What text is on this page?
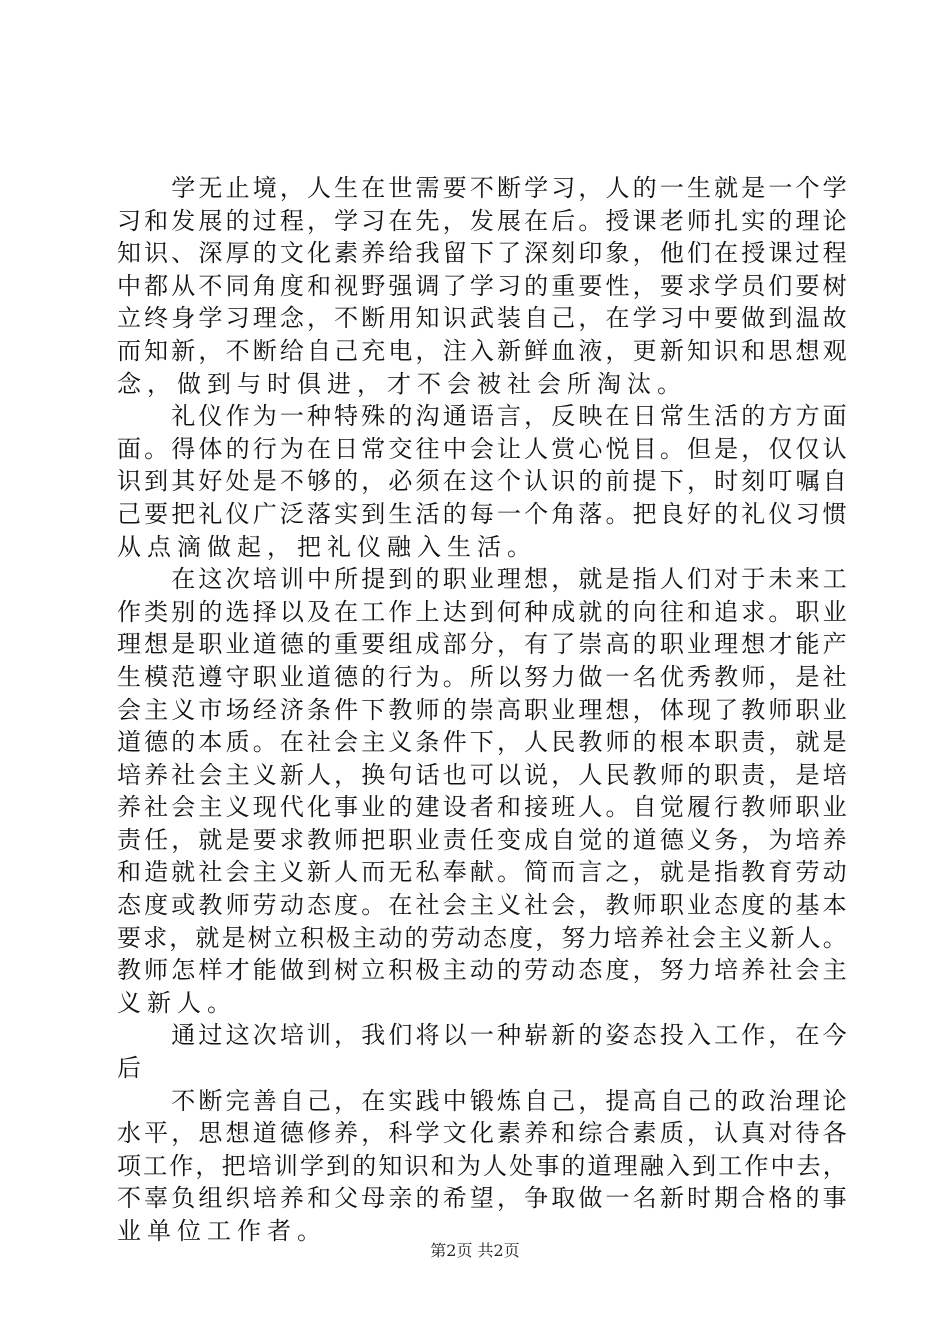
学 无 止 境 ， 人 生 在 世 需 要 不 断 学 习 ， 人 的 一 生 就 是 一 个 学
习 和 发 展 的 过 程 ， 学 习 在 先 ， 发 展 在 后 。 授 课 老 师 扎 实 的 理 论
知 识 、 深 厚 的 文 化 素 养 给 我 留 下 了 深 刻 印 象 ， 他 们 在 授 课 过 程
中 都 从 不 同 角 度 和 视 野 强 调 了 学 习 的 重 要 性 ， 要 求 学 员 们 要 树
立 终 身 学 习 理 念 ， 不 断 用 知 识 武 装 自 己 ， 在 学 习 中 要 做 到 温 故
而 知 新 ， 不 断 给 自 己 充 电 ， 注 入 新 鲜 血 液 ， 更 新 知 识 和 思 想 观
念，做到与时俱进，才不会被社会所淘汰。

礼 仪 作 为 一 种 特 殊 的 沟 通 语 言 ， 反 映 在 日 常 生 活 的 方 方 面
面 。 得 体 的 行 为 在 日 常 交 往 中 会 让 人 赏 心 悦 目 。 但 是 ， 仅 仅 认
识 到 其 好 处 是 不 够 的 ， 必 须 在 这 个 认 识 的 前 提 下 ， 时 刻 叮 嘱 自
己 要 把 礼 仪 广 泛 落 实 到 生 活 的 每 一 个 角 落 。 把 良 好 的 礼 仪 习 惯
从点滴做起，把礼仪融入生活。

在 这 次 培 训 中 所 提 到 的 职 业 理 想 ， 就 是 指 人 们 对 于 未 来 工
作 类 别 的 选 择 以 及 在 工 作 上 达 到 何 种 成 就 的 向 往 和 追 求 。 职 业
理 想 是 职 业 道 德 的 重 要 组 成 部 分 ， 有 了 崇 高 的 职 业 理 想 才 能 产
生 模 范 遵 守 职 业 道 德 的 行 为 。 所 以 努 力 做 一 名 优 秀 教 师 ， 是 社
会 主 义 市 场 经 济 条 件 下 教 师 的 崇 高 职 业 理 想 ， 体 现 了 教 师 职 业
道 德 的 本 质 。 在 社 会 主 义 条 件 下 ， 人 民 教 师 的 根 本 职 责 ， 就 是
培 养 社 会 主 义 新 人 ， 换 句 话 也 可 以 说 ， 人 民 教 师 的 职 责 ， 是 培
养 社 会 主 义 现 代 化 事 业 的 建 设 者 和 接 班 人 。 自 觉 履 行 教 师 职 业
责 任 ， 就 是 要 求 教 师 把 职 业 责 任 变 成 自 觉 的 道 德 义 务 ， 为 培 养
和 造 就 社 会 主 义 新 人 而 无 私 奉 献 。 简 而 言 之 ， 就 是 指 教 育 劳 动
态 度 或 教 师 劳 动 态 度 。 在 社 会 主 义 社 会 ， 教 师 职 业 态 度 的 基 本
要 求 ， 就 是 树 立 积 极 主 动 的 劳 动 态 度 ， 努 力 培 养 社 会 主 义 新 人 。
教 师 怎 样 才 能 做 到 树 立 积 极 主 动 的 劳 动 态 度 ， 努 力 培 养 社 会 主
义新人。

通 过 这 次 培 训 ， 我 们 将 以 一 种 崭 新 的 姿 态 投 入 工 作 ， 在 今
后

不 断 完 善 自 己 ， 在 实 践 中 锻 炼 自 己 ， 提 高 自 己 的 政 治 理 论
水 平 ， 思 想 道 德 修 养 ， 科 学 文 化 素 养 和 综 合 素 质 ， 认 真 对 待 各
项 工 作 ， 把 培 训 学 到 的 知 识 和 为 人 处 事 的 道 理 融 入 到 工 作 中 去 ，
不 辜 负 组 织 培 养 和 父 母 亲 的 希 望 ， 争 取 做 一 名 新 时 期 合 格 的 事
业单位工作者。
第2页 共2页
